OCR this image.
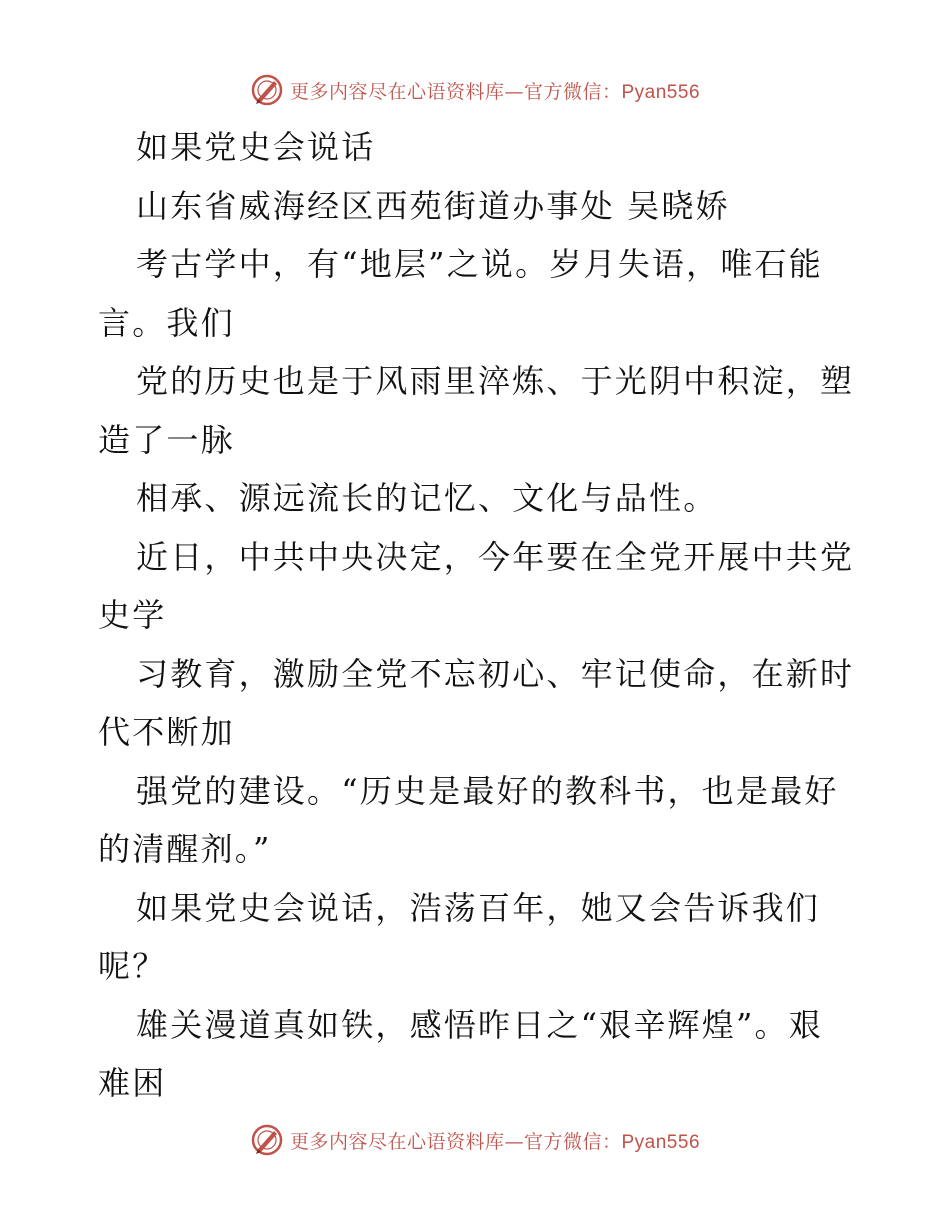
更多内容尽在心语资料库—官方微信：Pyan556
如果党史会说话
山东省威海经区西苑街道办事处 吴晓娇
考古学中，有“地层”之说。岁月失语，唯石能
言。我们
党的历史也是于风雨里淬炼、于光阴中积淀，塑
造了一脉
相承、源远流长的记忆、文化与品性。
近日，中共中央决定，今年要在全党开展中共党
史学
习教育，激励全党不忘初心、牢记使命，在新时
代不断加
强党的建设。“历史是最好的教科书，也是最好
的清醒剂。”
如果党史会说话，浩荡百年，她又会告诉我们
呢？
雄关漫道真如铁，感悟昨日之“艰辛辉煌”。艰
难困
更多内容尽在心语资料库—官方微信：Pyan556
